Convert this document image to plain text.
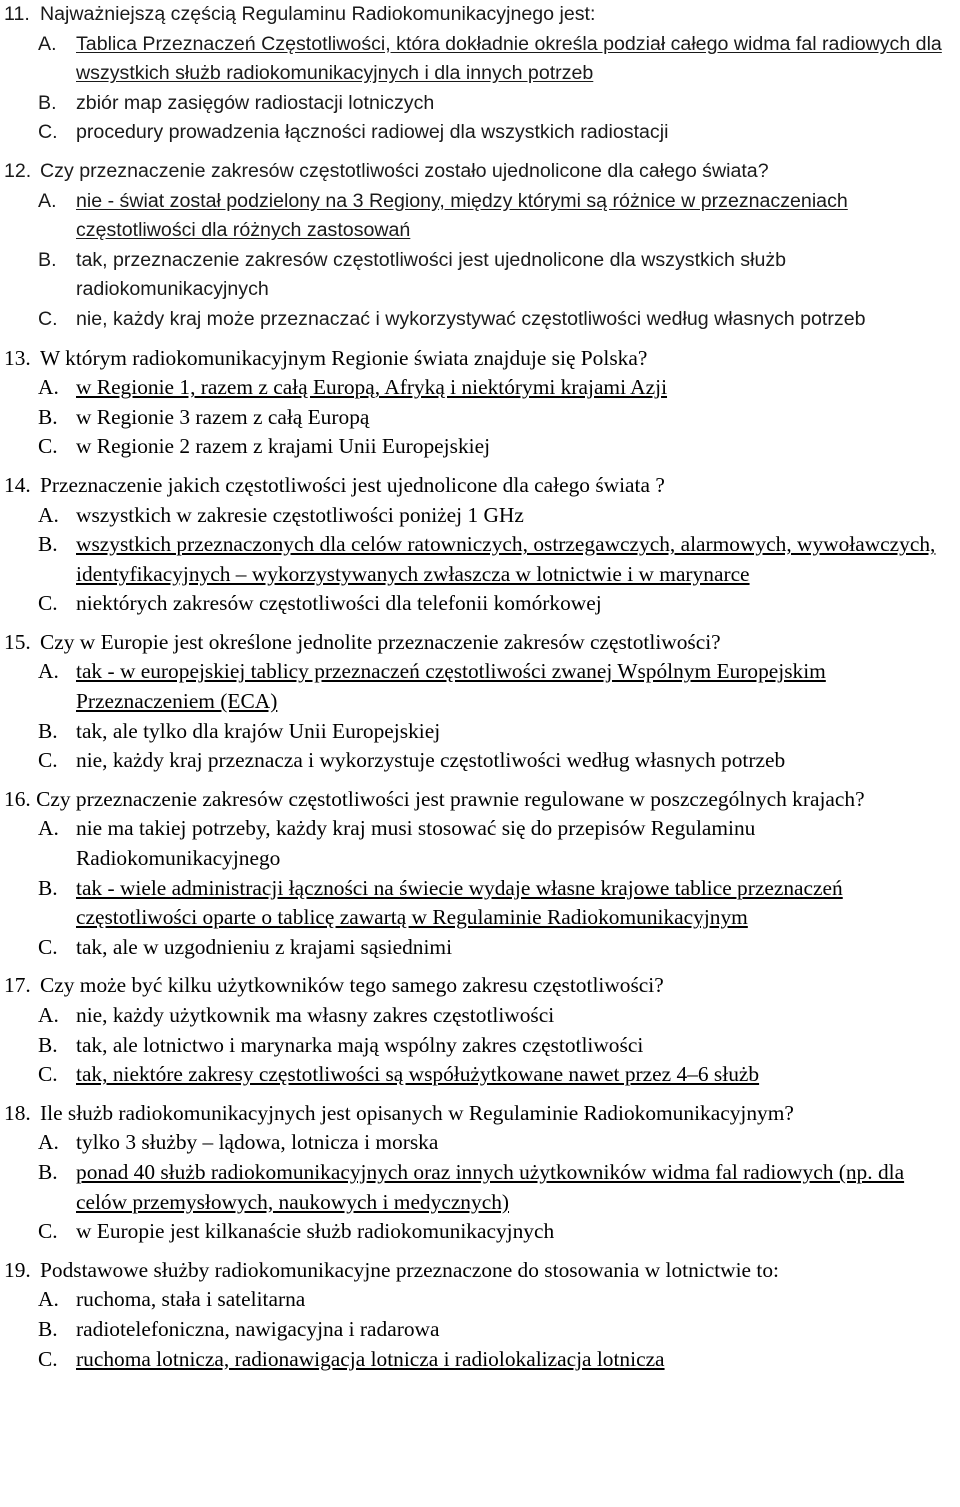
11. Najważniejszą częścią Regulaminu Radiokomunikacyjnego jest:
A. Tablica Przeznaczeń Częstotliwości, która dokładnie określa podział całego widma fal radiowych dla wszystkich służb radiokomunikacyjnych i dla innych potrzeb
B. zbiór map zasięgów radiostacji lotniczych
C. procedury prowadzenia łączności radiowej dla wszystkich radiostacji
12. Czy przeznaczenie zakresów częstotliwości zostało ujednolicone dla całego świata?
A. nie - świat został podzielony na 3 Regiony, między którymi są różnice w przeznaczeniach częstotliwości dla różnych zastosowań
B. tak, przeznaczenie zakresów częstotliwości jest ujednolicone dla wszystkich służb radiokomunikacyjnych
C. nie, każdy kraj może przeznaczać i wykorzystywać częstotliwości według własnych potrzeb
13. W którym radiokomunikacyjnym Regionie świata znajduje się Polska?
A. w Regionie 1, razem z całą Europą, Afryką i niektórymi krajami Azji
B. w Regionie 3 razem z całą Europą
C. w Regionie 2 razem z krajami Unii Europejskiej
14. Przeznaczenie jakich częstotliwości jest ujednolicone dla całego świata ?
A. wszystkich w zakresie częstotliwości poniżej 1 GHz
B. wszystkich przeznaczonych dla celów ratowniczych, ostrzegawczych, alarmowych, wywoławczych, identyfikacyjnych – wykorzystywanych zwłaszcza w lotnictwie i w marynarce
C. niektórych zakresów częstotliwości dla telefonii komórkowej
15. Czy w Europie jest określone jednolite przeznaczenie zakresów częstotliwości?
A. tak - w europejskiej tablicy przeznaczeń częstotliwości zwanej Wspólnym Europejskim Przeznaczeniem (ECA)
B. tak, ale tylko dla krajów Unii Europejskiej
C. nie, każdy kraj przeznacza i wykorzystuje częstotliwości według własnych potrzeb
16. Czy przeznaczenie zakresów częstotliwości jest prawnie regulowane w poszczególnych krajach?
A. nie ma takiej potrzeby, każdy kraj musi stosować się do przepisów Regulaminu Radiokomunikacyjnego
B. tak - wiele administracji łączności na świecie wydaje własne krajowe tablice przeznaczeń częstotliwości oparte o tablicę zawartą w Regulaminie Radiokomunikacyjnym
C. tak, ale w uzgodnieniu z krajami sąsiednimi
17. Czy może być kilku użytkowników tego samego zakresu częstotliwości?
A. nie, każdy użytkownik ma własny zakres częstotliwości
B. tak, ale lotnictwo i marynarka mają wspólny zakres częstotliwości
C. tak, niektóre zakresy częstotliwości są współużytkowane nawet przez 4–6 służb
18. Ile służb radiokomunikacyjnych jest opisanych w Regulaminie Radiokomunikacyjnym?
A. tylko 3 służby – lądowa, lotnicza i morska
B. ponad 40 służb radiokomunikacyjnych oraz innych użytkowników widma fal radiowych (np. dla celów przemysłowych, naukowych i medycznych)
C. w Europie jest kilkanaście służb radiokomunikacyjnych
19. Podstawowe służby radiokomunikacyjne przeznaczone do stosowania w lotnictwie to:
A. ruchoma, stała i satelitarna
B. radiotelefoniczna, nawigacyjna i radarowa
C. ruchoma lotnicza, radionawigacja lotnicza i radiolokalizacja lotnicza
